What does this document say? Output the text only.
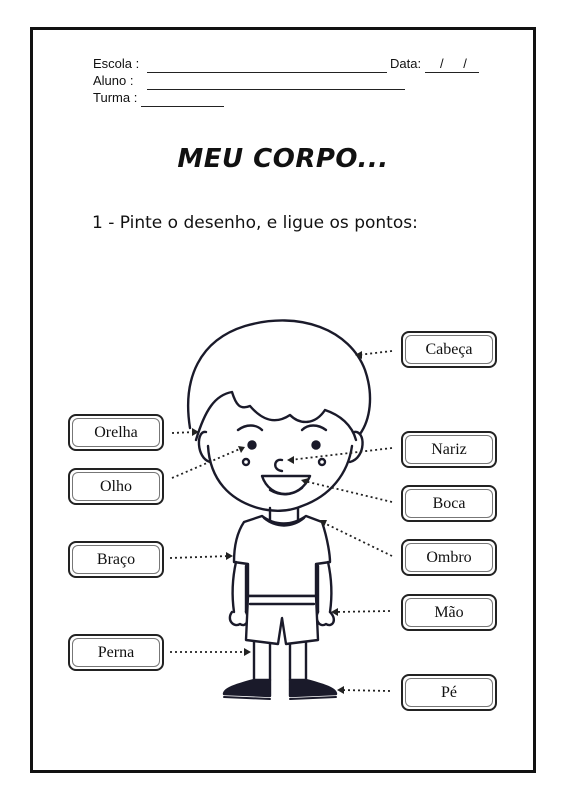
Escola :	Data: / /
Aluno :
Turma :
MEU CORPO...
1 - Pinte o desenho, e ligue os pontos:
Cabeça
Orelha
Nariz
Olho
Boca
Braço	Ombro
Mão
Perna
Pé
